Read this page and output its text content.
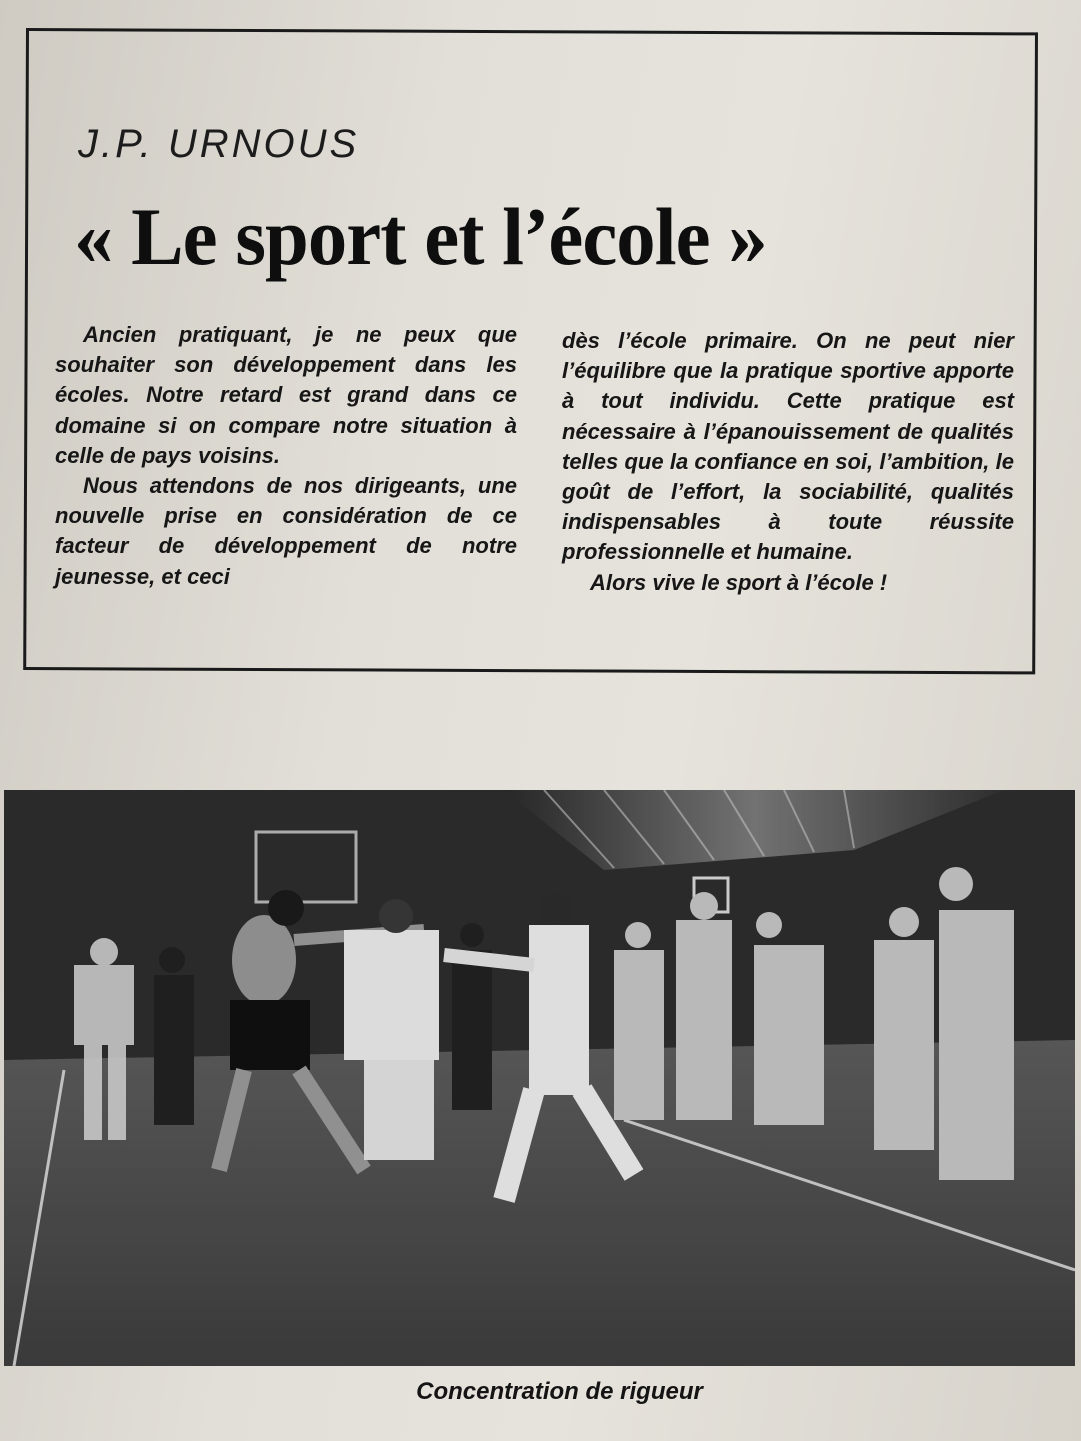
J.P. URNOUS
« Le sport et l’école »

Ancien pratiquant, je ne peux que souhaiter son développement dans les écoles. Notre retard est grand dans ce domaine si on compare notre situation à celle de pays voisins.

Nous attendons de nos dirigeants, une nouvelle prise en considération de ce facteur de développement de notre jeunesse, et ceci

dès l’école primaire. On ne peut nier l’équilibre que la pratique sportive apporte à tout individu. Cette pratique est nécessaire à l’épanouissement de qualités telles que la confiance en soi, l’ambition, le goût de l’effort, la sociabilité, qualités indispensables à toute réussite professionnelle et humaine.

Alors vive le sport à l’école !

Concentration de rigueur
